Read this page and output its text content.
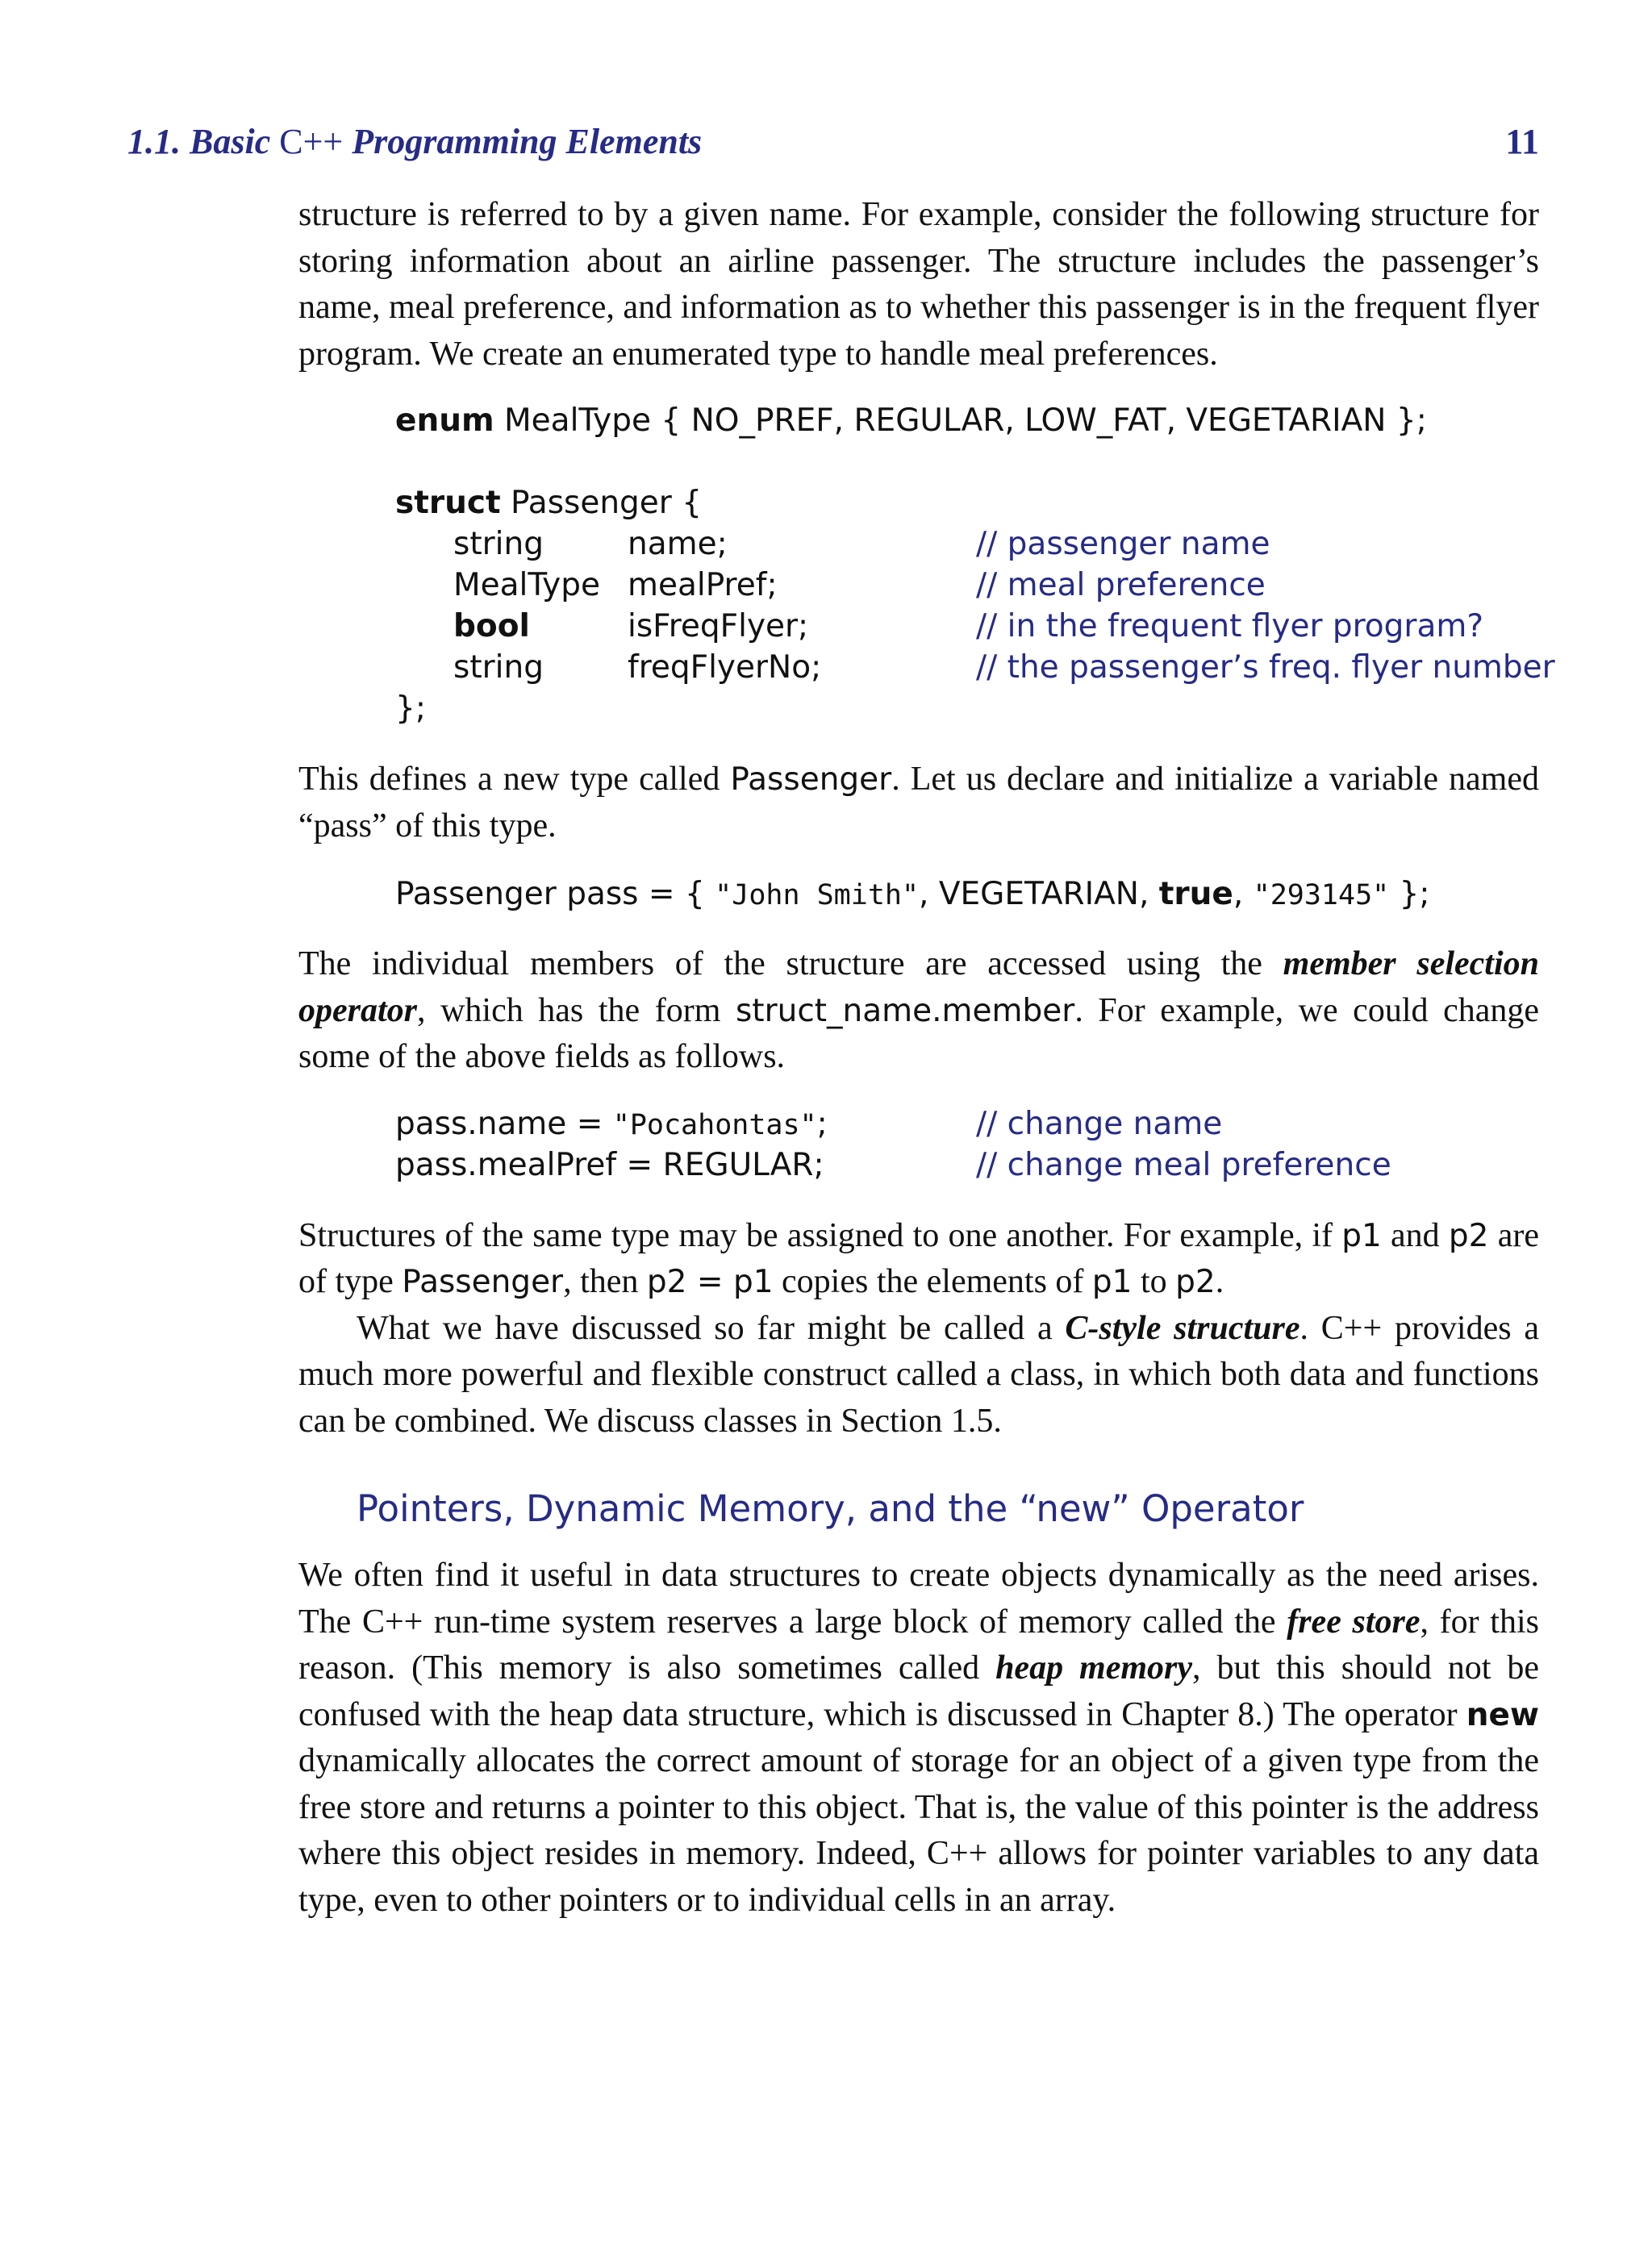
1.1. Basic C++ Programming Elements	11

structure is referred to by a given name. For example, consider the following structure for storing information about an airline passenger. The structure includes the passenger’s name, meal preference, and information as to whether this passenger is in the frequent flyer program. We create an enumerated type to handle meal preferences.

enum MealType { NO_PREF, REGULAR, LOW_FAT, VEGETARIAN };
struct Passenger {
string	name;	// passenger name
MealType mealPref;	// meal preference
bool	isFreqFlyer;	// in the frequent flyer program?
string	freqFlyerNo;	// the passenger’s freq. flyer number
};

This defines a new type called Passenger. Let us declare and initialize a variable named “pass” of this type.

Passenger pass = { "John Smith", VEGETARIAN, true, "293145" };

The individual members of the structure are accessed using the member selection operator, which has the form struct_name.member. For example, we could change some of the above fields as follows.

pass.name = "Pocahontas";	// change name
pass.mealPref = REGULAR;	// change meal preference

Structures of the same type may be assigned to one another. For example, if p1 and p2 are of type Passenger, then p2 = p1 copies the elements of p1 to p2.

What we have discussed so far might be called a C-style structure. C++ provides a much more powerful and flexible construct called a class, in which both data and functions can be combined. We discuss classes in Section 1.5.

Pointers, Dynamic Memory, and the “new” Operator

We often find it useful in data structures to create objects dynamically as the need arises. The C++ run-time system reserves a large block of memory called the free store, for this reason. (This memory is also sometimes called heap memory, but this should not be confused with the heap data structure, which is discussed in Chapter 8.) The operator new dynamically allocates the correct amount of storage for an object of a given type from the free store and returns a pointer to this object. That is, the value of this pointer is the address where this object resides in memory. Indeed, C++ allows for pointer variables to any data type, even to other pointers or to individual cells in an array.
